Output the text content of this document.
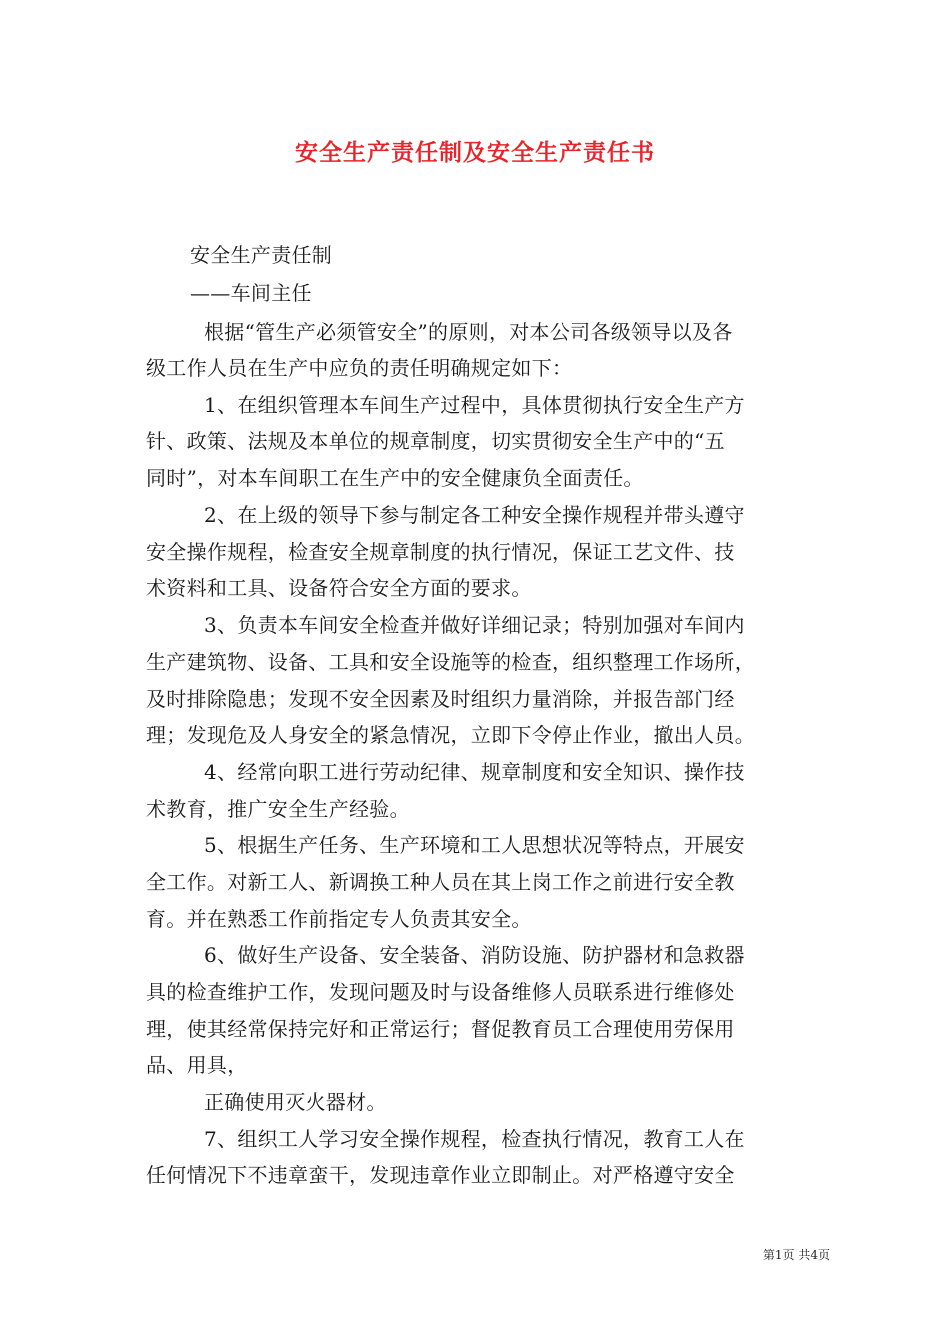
安全生产责任制及安全生产责任书
安全生产责任制
——车间主任
根据“管生产必须管安全”的原则，对本公司各级领导以及各
级工作人员在生产中应负的责任明确规定如下：
1、在组织管理本车间生产过程中，具体贯彻执行安全生产方
针、政策、法规及本单位的规章制度，切实贯彻安全生产中的“五
同时”，对本车间职工在生产中的安全健康负全面责任。
2、在上级的领导下参与制定各工种安全操作规程并带头遵守
安全操作规程，检查安全规章制度的执行情况，保证工艺文件、技
术资料和工具、设备符合安全方面的要求。
3、负责本车间安全检查并做好详细记录；特别加强对车间内
生产建筑物、设备、工具和安全设施等的检查，组织整理工作场所，
及时排除隐患；发现不安全因素及时组织力量消除，并报告部门经
理；发现危及人身安全的紧急情况，立即下令停止作业，撤出人员。
4、经常向职工进行劳动纪律、规章制度和安全知识、操作技
术教育，推广安全生产经验。
5、根据生产任务、生产环境和工人思想状况等特点，开展安
全工作。对新工人、新调换工种人员在其上岗工作之前进行安全教
育。并在熟悉工作前指定专人负责其安全。
6、做好生产设备、安全装备、消防设施、防护器材和急救器
具的检查维护工作，发现问题及时与设备维修人员联系进行维修处
理，使其经常保持完好和正常运行；督促教育员工合理使用劳保用
品、用具，
正确使用灭火器材。
7、组织工人学习安全操作规程，检查执行情况，教育工人在
任何情况下不违章蛮干，发现违章作业立即制止。对严格遵守安全
第1页 共4页
